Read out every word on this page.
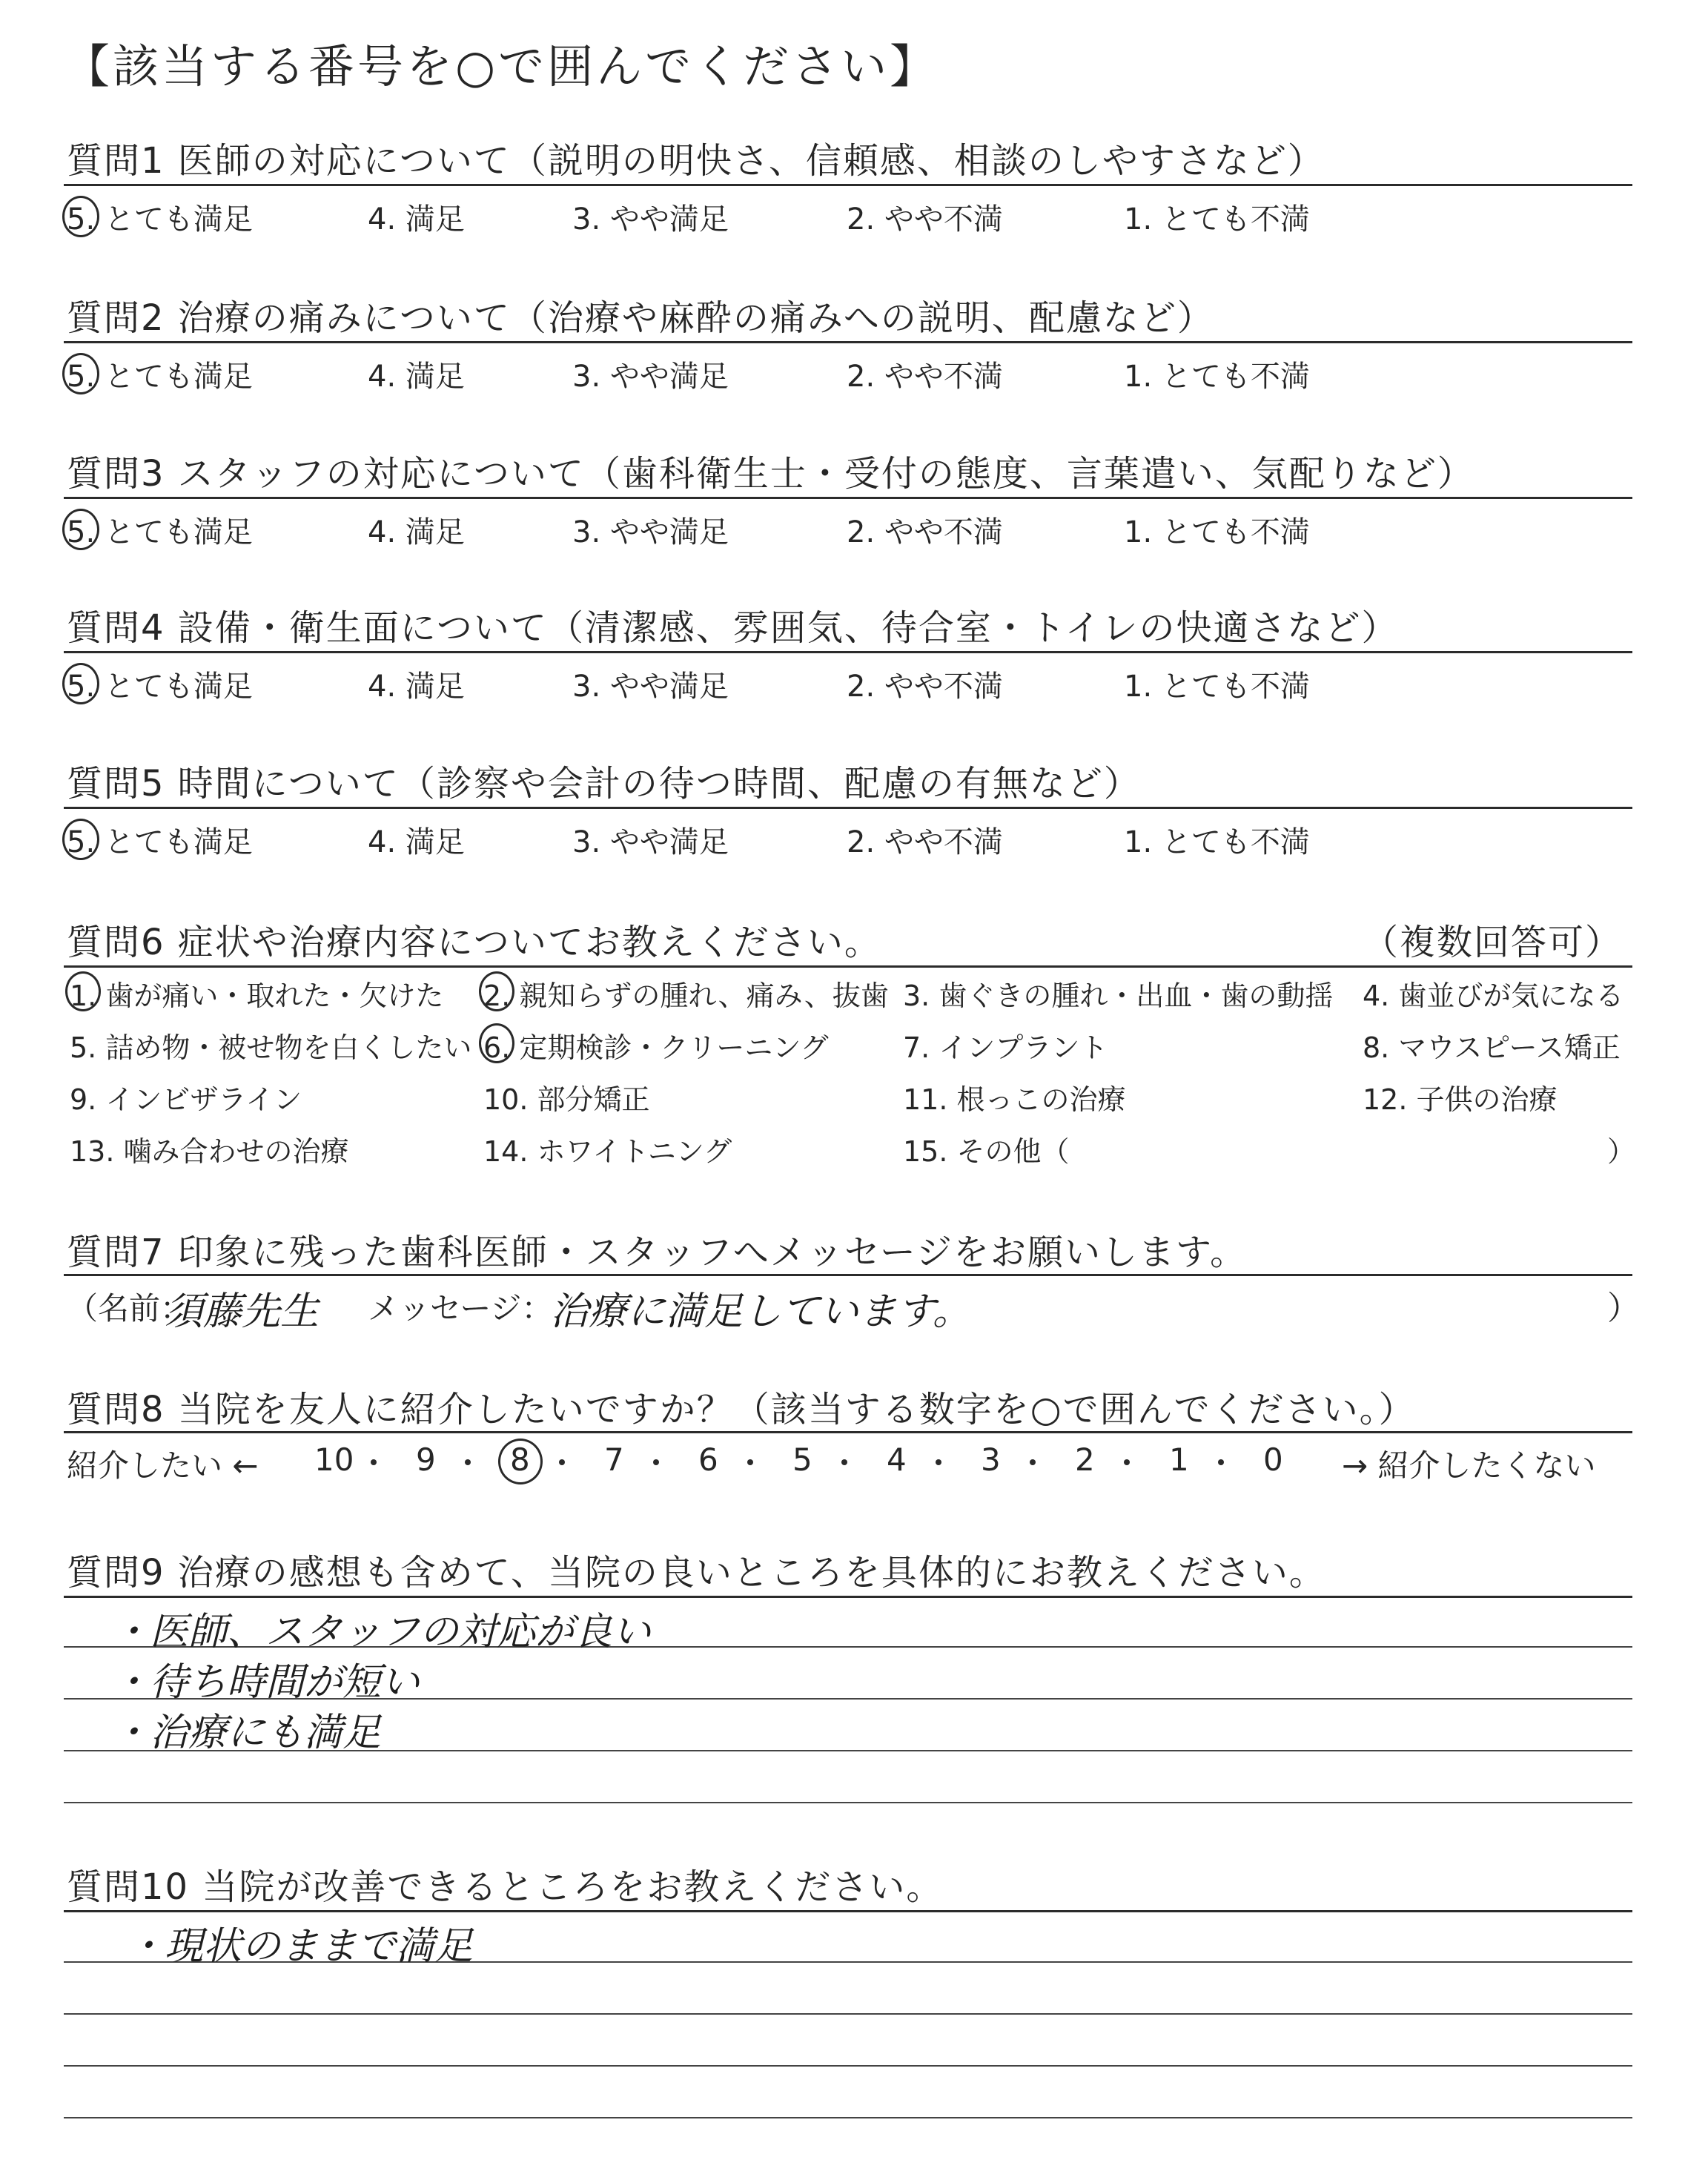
【該当する番号を○で囲んでください】
質問1 医師の対応について（説明の明快さ、信頼感、相談のしやすさなど）
5. とても満足	4. 満足	3. やや満足	2. やや不満	1. とても不満
質問2 治療の痛みについて（治療や麻酔の痛みへの説明、配慮など）
5. とても満足	4. 満足	3. やや満足	2. やや不満	1. とても不満
質問3 スタッフの対応について（歯科衛生士・受付の態度、言葉遣い、気配りなど）
5. とても満足	4. 満足	3. やや満足	2. やや不満	1. とても不満
質問4 設備・衛生面について（清潔感、雰囲気、待合室・トイレの快適さなど）
5. とても満足	4. 満足	3. やや満足	2. やや不満	1. とても不満
質問5 時間について（診察や会計の待つ時間、配慮の有無など）
5. とても満足	4. 満足	3. やや満足	2. やや不満	1. とても不満
質問6 症状や治療内容についてお教えください。	（複数回答可）
1. 歯が痛い・取れた・欠けた 2. 親知らずの腫れ、痛み、抜歯 3. 歯ぐきの腫れ・出血・歯の動揺 4. 歯並びが気になる
5. 詰め物・被せ物を白くしたい 6. 定期検診・クリーニング	7. インプラント	8. マウスピース矯正
9. インビザライン	10. 部分矯正	11. 根っこの治療	12. 子供の治療
13. 噛み合わせの治療	14. ホワイトニング	15. その他（	）
質問7 印象に残った歯科医師・スタッフへメッセージをお願いします。
（名前：
須藤先生 メッセージ：
治療に満足しています。	）
質問8 当院を友人に紹介したいですか？（該当する数字を○で囲んでください。）
紹介したい ←	→ 紹介したくない
10 9 8 7 6 5 4 3 2 1 0
質問9 治療の感想も含めて、当院の良いところを具体的にお教えください。
・医師、スタッフの対応が良い
・待ち時間が短い
・治療にも満足
質問10 当院が改善できるところをお教えください。
・現状のままで満足
